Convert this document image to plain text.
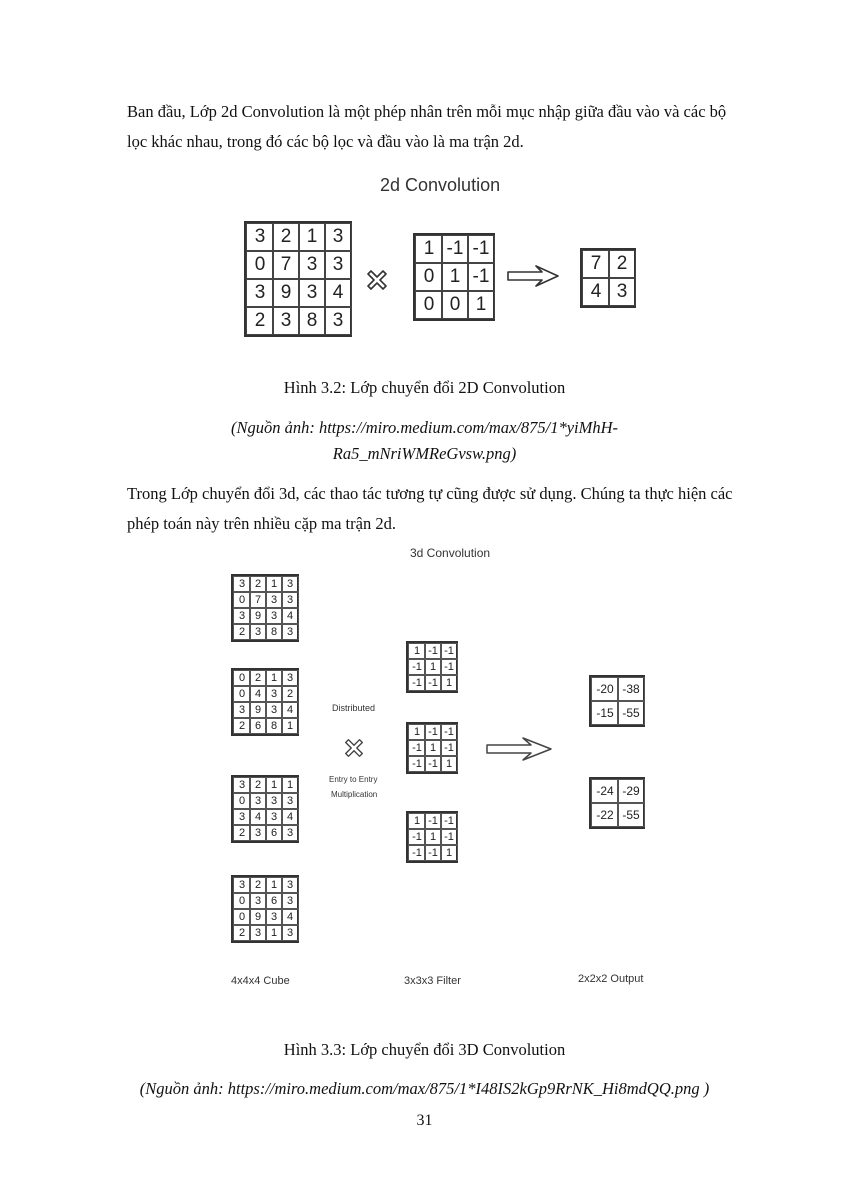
Ban đầu, Lớp 2d Convolution là một phép nhân trên mỗi mục nhập giữa đầu vào và các bộ lọc khác nhau, trong đó các bộ lọc và đầu vào là ma trận 2d.

2d Convolution

3 2 1 3
0 7 3 3
3 9 3 4
2 3 8 3
1 -1 -1
0 1 -1
0 0 1
7 2
4 3

Hình 3.2: Lớp chuyển đổi 2D Convolution

(Nguồn ảnh: https://miro.medium.com/max/875/1*yiMhH-

Ra5_mNriWMReGvsw.png)

Trong Lớp chuyển đổi 3d, các thao tác tương tự cũng được sử dụng. Chúng ta thực hiện các phép toán này trên nhiều cặp ma trận 2d.

3d Convolution

3 2 1 3
0 7 3 3
3 9 3 4
2 3 8 3
0 2 1 3
0 4 3 2
3 9 3 4
2 6 8 1
3 2 1 1
0 3 3 3
3 4 3 4
2 3 6 3
3 2 1 3
0 3 6 3
0 9 3 4
2 3 1 3

Distributed

Entry to Entry

Multiplication

1 -1 -1
-1 1 -1
-1 -1 1
1 -1 -1
-1 1 -1
-1 -1 1
1 -1 -1
-1 1 -1
-1 -1 1
-20 -38
-15 -55
-24 -29
-22 -55

4x4x4 Cube	3x3x3 Filter	2x2x2 Output

Hình 3.3: Lớp chuyển đổi 3D Convolution

(Nguồn ảnh: https://miro.medium.com/max/875/1*I48IS2kGp9RrNK_Hi8mdQQ.png )

31
